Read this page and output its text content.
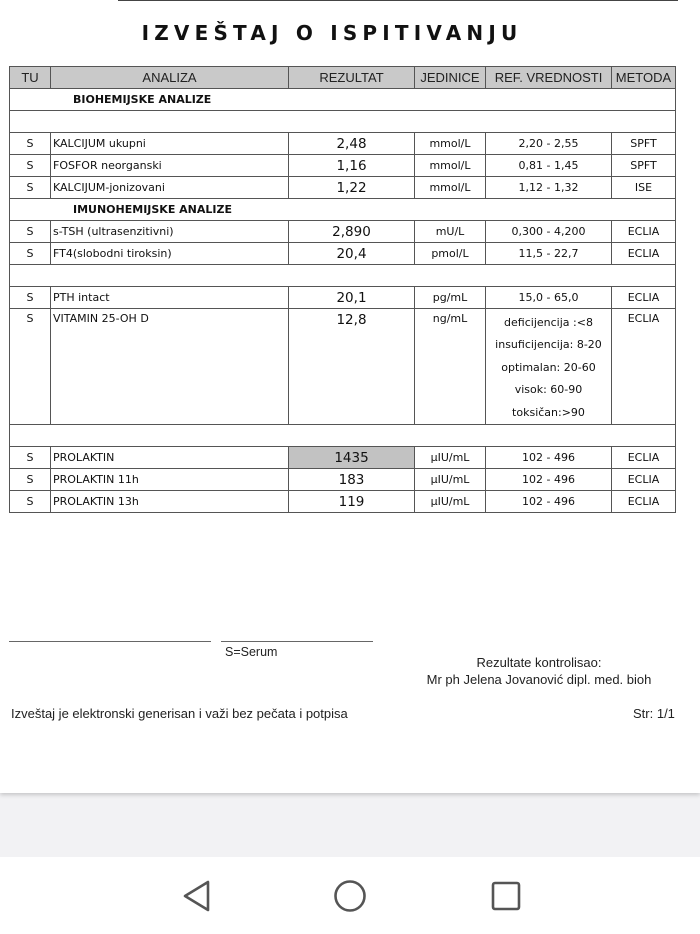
IZVEŠTAJ O ISPITIVANJU
TU	ANALIZA	REZULTAT	JEDINICE	REF. VREDNOSTI	METODA
BIOHEMIJSKE ANALIZE					

S	KALCIJUM ukupni	2,48	mmol/L	2,20 - 2,55	SPFT
S	FOSFOR neorganski	1,16	mmol/L	0,81 - 1,45	SPFT
S	KALCIJUM-jonizovani	1,22	mmol/L	1,12 - 1,32	ISE
IMUNOHEMIJSKE ANALIZE					
S	s-TSH (ultrasenzitivni)	2,890	mU/L	0,300 - 4,200	ECLIA
S	FT4(slobodni tiroksin)	20,4	pmol/L	11,5 - 22,7	ECLIA

S	PTH intact	20,1	pg/mL	15,0 - 65,0	ECLIA
S	VITAMIN 25-OH D	12,8	ng/mL	deficijencija :<8
insuficijencija: 8-20
optimalan: 20-60
visok: 60-90
toksičan:>90	ECLIA

S	PROLAKTIN	1435	µIU/mL	102 - 496	ECLIA
S	PROLAKTIN 11h	183	µIU/mL	102 - 496	ECLIA
S	PROLAKTIN 13h	119	µIU/mL	102 - 496	ECLIA
S=Serum
Rezultate kontrolisao:
Mr ph Jelena Jovanović dipl. med. bioh
Izveštaj je elektronski generisan i važi bez pečata i potpisa	Str: 1/1
